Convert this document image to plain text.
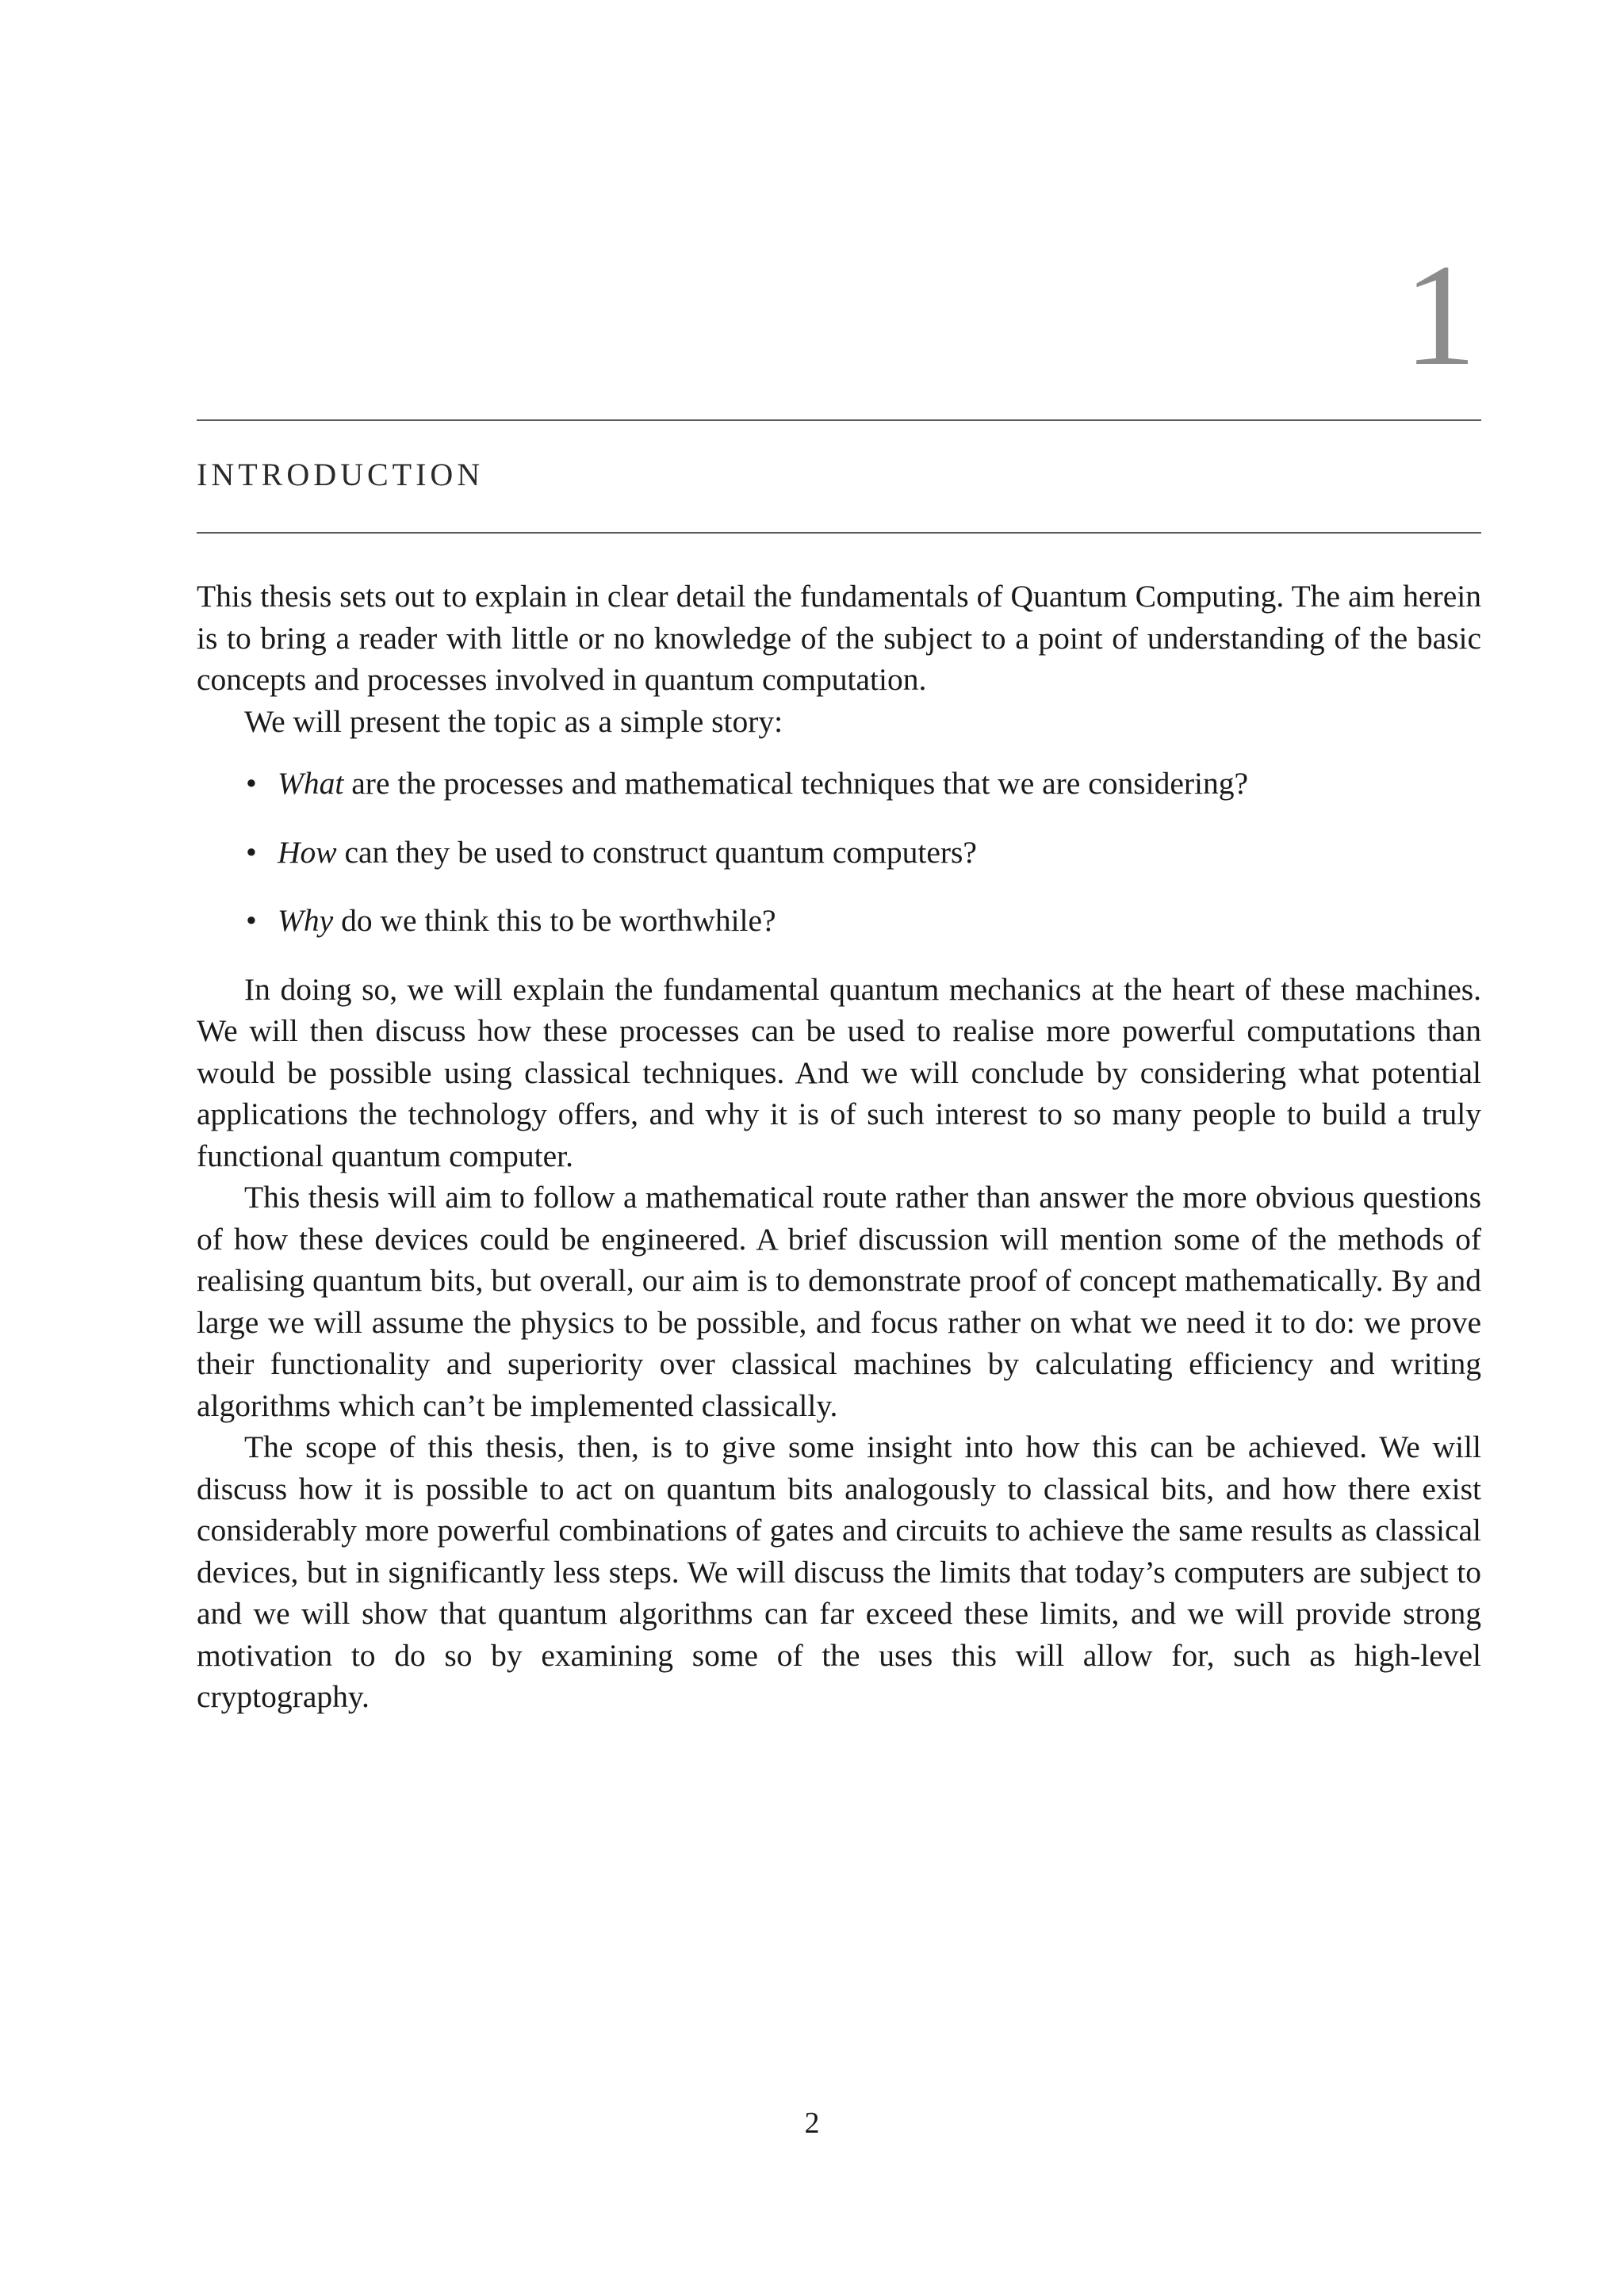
1
INTRODUCTION

This thesis sets out to explain in clear detail the fundamentals of Quantum Computing. The aim herein is to bring a reader with little or no knowledge of the subject to a point of understanding of the basic concepts and processes involved in quantum computation.

We will present the topic as a simple story:

• What are the processes and mathematical techniques that we are considering?
• How can they be used to construct quantum computers?
• Why do we think this to be worthwhile?

In doing so, we will explain the fundamental quantum mechanics at the heart of these machines. We will then discuss how these processes can be used to realise more powerful computations than would be possible using classical techniques. And we will conclude by considering what potential applications the technology offers, and why it is of such interest to so many people to build a truly functional quantum computer.

This thesis will aim to follow a mathematical route rather than answer the more obvious questions of how these devices could be engineered. A brief discussion will mention some of the methods of realising quantum bits, but overall, our aim is to demonstrate proof of concept mathematically. By and large we will assume the physics to be possible, and focus rather on what we need it to do: we prove their functionality and superiority over classical machines by calculating efficiency and writing algorithms which can’t be implemented classically.

The scope of this thesis, then, is to give some insight into how this can be achieved. We will discuss how it is possible to act on quantum bits analogously to classical bits, and how there exist considerably more powerful combinations of gates and circuits to achieve the same results as classical devices, but in significantly less steps. We will discuss the limits that today’s computers are subject to and we will show that quantum algorithms can far exceed these limits, and we will provide strong motivation to do so by examining some of the uses this will allow for, such as high-level cryptography.

2
